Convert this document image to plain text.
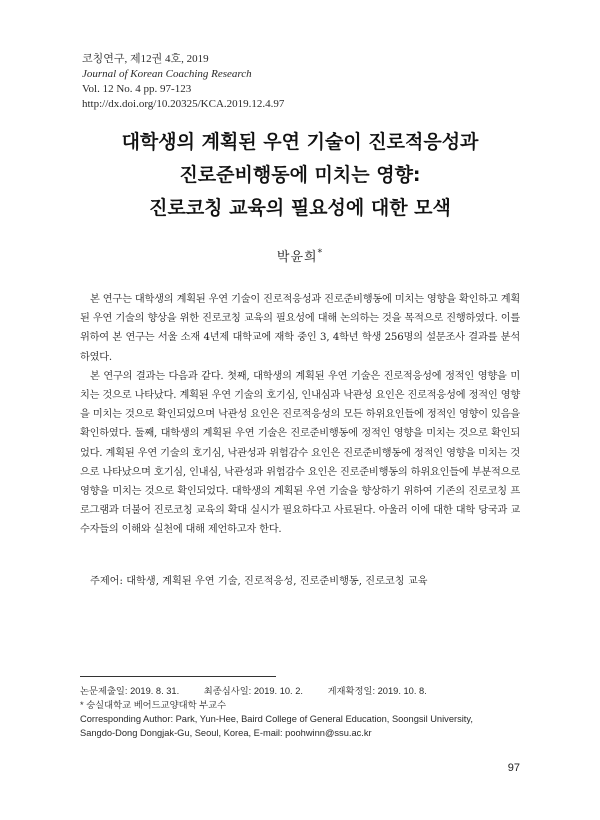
코칭연구, 제12권 4호, 2019
Journal of Korean Coaching Research
Vol. 12 No. 4 pp. 97-123
http://dx.doi.org/10.20325/KCA.2019.12.4.97
대학생의 계획된 우연 기술이 진로적응성과
진로준비행동에 미치는 영향:
진로코칭 교육의 필요성에 대한 모색
박윤희*

본 연구는 대학생의 계획된 우연 기술이 진로적응성과 진로준비행동에 미치는 영향을 확인하고 계획된 우연 기술의 향상을 위한 진로코칭 교육의 필요성에 대해 논의하는 것을 목적으로 진행하였다. 이를 위하여 본 연구는 서울 소재 4년제 대학교에 재학 중인 3, 4학년 학생 256명의 설문조사 결과를 분석하였다.

본 연구의 결과는 다음과 같다. 첫째, 대학생의 계획된 우연 기술은 진로적응성에 정적인 영향을 미치는 것으로 나타났다. 계획된 우연 기술의 호기심, 인내심과 낙관성 요인은 진로적응성에 정적인 영향을 미치는 것으로 확인되었으며 낙관성 요인은 진로적응성의 모든 하위요인들에 정적인 영향이 있음을 확인하였다. 둘째, 대학생의 계획된 우연 기술은 진로준비행동에 정적인 영향을 미치는 것으로 확인되었다. 계획된 우연 기술의 호기심, 낙관성과 위험감수 요인은 진로준비행동에 정적인 영향을 미치는 것으로 나타났으며 호기심, 인내심, 낙관성과 위험감수 요인은 진로준비행동의 하위요인들에 부분적으로 영향을 미치는 것으로 확인되었다. 대학생의 계획된 우연 기술을 향상하기 위하여 기존의 진로코칭 프로그램과 더불어 진로코칭 교육의 확대 실시가 필요하다고 사료된다. 아울러 이에 대한 대학 당국과 교수자들의 이해와 실천에 대해 제언하고자 한다.

주제어: 대학생, 계획된 우연 기술, 진로적응성, 진로준비행동, 진로코칭 교육
논문제출일: 2019. 8. 31.	최종심사일: 2019. 10. 2.	게재확정일: 2019. 10. 8.
* 숭실대학교 베어드교양대학 부교수
Corresponding Author: Park, Yun-Hee, Baird College of General Education, Soongsil University,
Sangdo-Dong Dongjak-Gu, Seoul, Korea, E-mail: poohwinn@ssu.ac.kr
97
